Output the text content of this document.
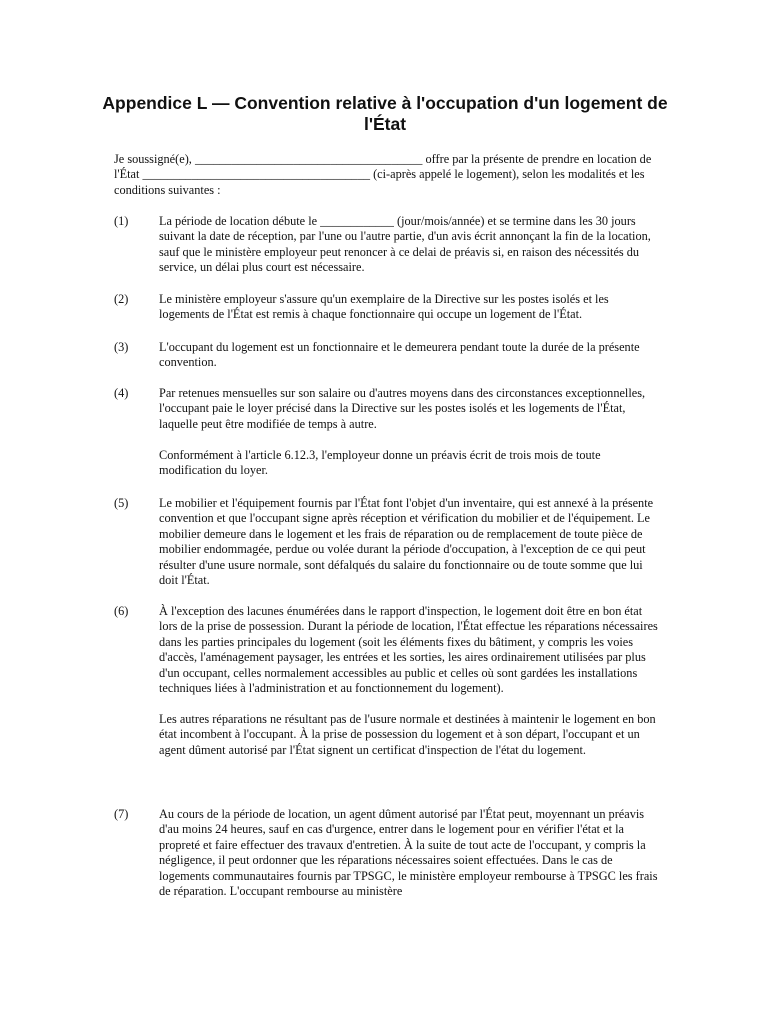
Appendice L — Convention relative à l'occupation d'un logement de l'État
Je soussigné(e), _____________________________________ offre par la présente de prendre en location de l'État _____________________________________ (ci-après appelé le logement), selon les modalités et les conditions suivantes :
(1)	La période de location débute le ____________ (jour/mois/année) et se termine dans les 30 jours suivant la date de réception, par l'une ou l'autre partie, d'un avis écrit annonçant la fin de la location, sauf que le ministère employeur peut renoncer à ce delai de préavis si, en raison des nécessités du service, un délai plus court est nécessaire.
(2)	Le ministère employeur s'assure qu'un exemplaire de la Directive sur les postes isolés et les logements de l'État est remis à chaque fonctionnaire qui occupe un logement de l'État.
(3)	L'occupant du logement est un fonctionnaire et le demeurera pendant toute la durée de la présente convention.
(4)	Par retenues mensuelles sur son salaire ou d'autres moyens dans des circonstances exceptionnelles, l'occupant paie le loyer précisé dans la Directive sur les postes isolés et les logements de l'État, laquelle peut être modifiée de temps à autre.
Conformément à l'article 6.12.3, l'employeur donne un préavis écrit de trois mois de toute modification du loyer.
(5)	Le mobilier et l'équipement fournis par l'État font l'objet d'un inventaire, qui est annexé à la présente convention et que l'occupant signe après réception et vérification du mobilier et de l'équipement. Le mobilier demeure dans le logement et les frais de réparation ou de remplacement de toute pièce de mobilier endommagée, perdue ou volée durant la période d'occupation, à l'exception de ce qui peut résulter d'une usure normale, sont défalqués du salaire du fonctionnaire ou de toute somme que lui doit l'État.
(6)	À l'exception des lacunes énumérées dans le rapport d'inspection, le logement doit être en bon état lors de la prise de possession. Durant la période de location, l'État effectue les réparations nécessaires dans les parties principales du logement (soit les éléments fixes du bâtiment, y compris les voies d'accès, l'aménagement paysager, les entrées et les sorties, les aires ordinairement utilisées par plus d'un occupant, celles normalement accessibles au public et celles où sont gardées les installations techniques liées à l'administration et au fonctionnement du logement).
Les autres réparations ne résultant pas de l'usure normale et destinées à maintenir le logement en bon état incombent à l'occupant. À la prise de possession du logement et à son départ, l'occupant et un agent dûment autorisé par l'État signent un certificat d'inspection de l'état du logement.
(7)	Au cours de la période de location, un agent dûment autorisé par l'État peut, moyennant un préavis d'au moins 24 heures, sauf en cas d'urgence, entrer dans le logement pour en vérifier l'état et la propreté et faire effectuer des travaux d'entretien. À la suite de tout acte de l'occupant, y compris la négligence, il peut ordonner que les réparations nécessaires soient effectuées. Dans le cas de logements communautaires fournis par TPSGC, le ministère employeur rembourse à TPSGC les frais de réparation. L'occupant rembourse au ministère
